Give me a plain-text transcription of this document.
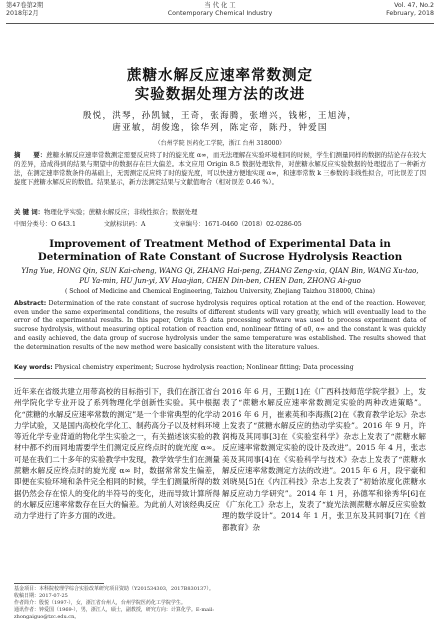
第47卷第2期
2018年2月
当 代 化 工
Contemporary Chemical Industry
Vol. 47, No.2
February, 2018
蔗糖水解反应速率常数测定
实验数据处理方法的改进
殷悦，洪琴，孙凯铖，王奇，张海腾，张增兴，钱彬，王旭涛，
唐亚敏，胡俊逸，徐华列，陈定帝，陈丹，钟爱国
（台州学院 医药化工学院，浙江 台州 318000）
摘　　要：蔗糖水解反应速率常数测定需要反应终了时的旋光度 α∞，而无法理解在实验环境相同的时候，学生们测量同样的数据的结论存在较大的差异，造成得到的结果与期望中的数据存在巨大偏差。本文应用 Origin 8.5 数据处理软件，对蔗糖水解反应实验数据的处理提出了一种新方法，在测定速率常数条件的基础上，无需测定反应终了时的旋光度，可以快速方便地实现 α∞，和速率常数 k 三参数的非线性拟合，可比误差了因旋度下蔗糖水解反应的数值。结果显示，新方法测定结果与文献值吻合（相对误差 0.46 %）。
关 键 词：物理化学实验；蔗糖水解反应；非线性拟合；数据处理
中图分类号：O 643.1	文献标识码：A	文章编号：1671-0460（2018）02-0286-05
Improvement of Treatment Method of Experimental Data in Determination of Rate Constant of Sucrose Hydrolysis Reaction
YIng Yue, HONG Qin, SUN Kai-cheng, WANG Qi, ZHANG Hai-peng, ZHANG Zeng-xia, QIAN Bin, WANG Xu-tao, PU Ya-min, HU Jun-yi, XV Hua-jian, CHEN Din-ben, CHEN Dan, ZHONG Ai-guo
( School of Medicine and Chemical Engineering, Taizhou University, Zhejiang Taizhou 318000, China)
Abstract: Determination of the rate constant of sucrose hydrolysis requires optical rotation at the end of the reaction. However, even under the same experimental conditions, the results of different students will vary greatly, which will eventually lead to the error of the experimental results. In this paper, Origin 8.5 data processing software was used to process experiment data of sucrose hydrolysis, without measuring optical rotation of reaction end, nonlinear fitting of α0, α∞ and the constant k was quickly and easily achieved, the data group of sucrose hydrolysis under the same temperature was established. The results showed that the determination results of the new method were basically consistent with the literature values.
Key words: Physical chemistry experiment; Sucrose hydrolysis reaction; Nonlinear fitting; Data processing
近年来在省级共建立用带高校的目标指引下，我们在浙江省台州学院化学专业开设了系列物理化学创新性实验。其中根据化“蔗糖的水解反应速率常数的测定”是一个非常典型的化学动力学试验，又是国内高校化学化工、制药高分子以及材料环境等近化学专业背道的物化学生实验之一，有关描述该实验的教材中都不约而同地需要学生们测定反应终点时的旋光度 α∞。可是在我们二十多年的实验教学中发现，教学效学生们在测量蔗糖水解反应终点时的旋光度 α∞ 时，数据常常发生偏差，即便在实验环境和条件完全相同的时候，学生们测量所得的数据仍然会存在惊人的变化的半符号的变化，进而导致计算所得的水解反应速率常数存在巨大的偏差。为此前人对该经典反应动力学进行了许多方面的改进。
2016 年 6 月，王勤[1]在《广西科技师范学院学报》上，发表了“蔗糖水解反应速率常数测定实验的两种改进策略”。2016 年 6 月，崔素英和李海燕[2]在《教育教学论坛》杂志上发表了“蔗糖水解反应的热动学实验”。2016 年 9 月，许润梅及其同事[3]在《实验室科学》杂志上发表了“蔗糖水解反应速率常数测定实验的设计及改进”。2015 年 4 月，张志美及其同事[4]在《实验科学与技术》杂志上发表了“蔗糖水解反应速率常数测定方法的改进”。2015 年 6 月，段宇豪和刘晓昊[5]在《内江科技》杂志上发表了“初始浓度化蔗糖水解反应动力学研究”。2014 年 1 月，孙德军和徐秀华[6]在《广东化工》杂志上，发表了“旋光法测蔗糖水解反应实验数理的数学设计”。2014 年 1 月，张卫东及其同事[7]在《首都教育》杂
基金项目：本科院校理学综合实验改革研究项目资助（Y201534303，2017B830137）。
收稿日期：2017-07-25
作者简介：殷悦（1997-），女，浙江省台州人，台州学院医药化工学院学生。
通讯作者：钟爱国（1969-），男，浙江人，硕士，副教授，研究方向：计算化学。E-mail: zhongaiguo@tzc.edu.cn。
